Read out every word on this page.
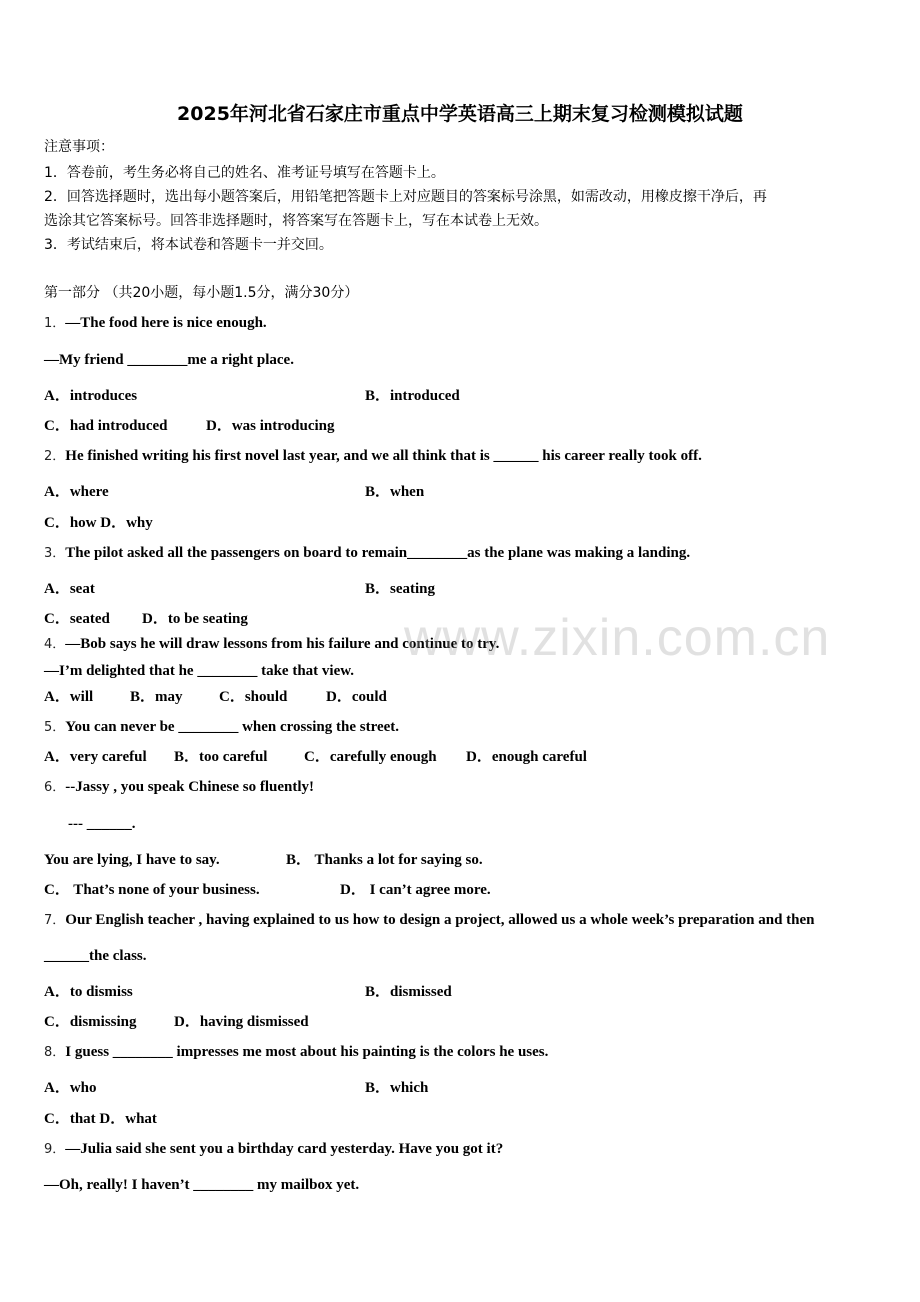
2025年河北省石家庄市重点中学英语高三上期末复习检测模拟试题
注意事项：
1．答卷前，考生务必将自己的姓名、准考证号填写在答题卡上。
2．回答选择题时，选出每小题答案后，用铅笔把答题卡上对应题目的答案标号涂黑，如需改动，用橡皮擦干净后，再
选涂其它答案标号。回答非选择题时，将答案写在答题卡上，写在本试卷上无效。
3．考试结束后，将本试卷和答题卡一并交回。
第一部分 （共20小题，每小题1.5分，满分30分）
1．—The food here is nice enough.
—My friend ________me a right place.
A．introduces	B．introduced
C．had introduced	D．was introducing
2．He finished writing his first novel last year, and we all think that is ______ his career really took off.
A．where	B．when
C．how D．why
3．The pilot asked all the passengers on board to remain________as the plane was making a landing.
A．seat	B．seating
C．seated D．to be seating
4．—Bob says he will draw lessons from his failure and continue to try.
—I’m delighted that he ________ take that view.
A．will B．may C．should	D．could
5．You can never be ________ when crossing the street.
A．very careful B．too careful C．carefully enough D．enough careful
6．--Jassy , you speak Chinese so fluently!
--- ______.
You are lying, I have to say.	B． Thanks a lot for saying so.
C． That’s none of your business.	D． I can’t agree more.
7．Our English teacher , having explained to us how to design a project, allowed us a whole week’s preparation and then
______the class.
A．to dismiss	B．dismissed
C．dismissing D．having dismissed
8．I guess ________ impresses me most about his painting is the colors he uses.
A．who	B．which
C．that D．what
9．—Julia said she sent you a birthday card yesterday. Have you got it?
—Oh, really! I haven’t ________ my mailbox yet.
www.zixin.com.cn
